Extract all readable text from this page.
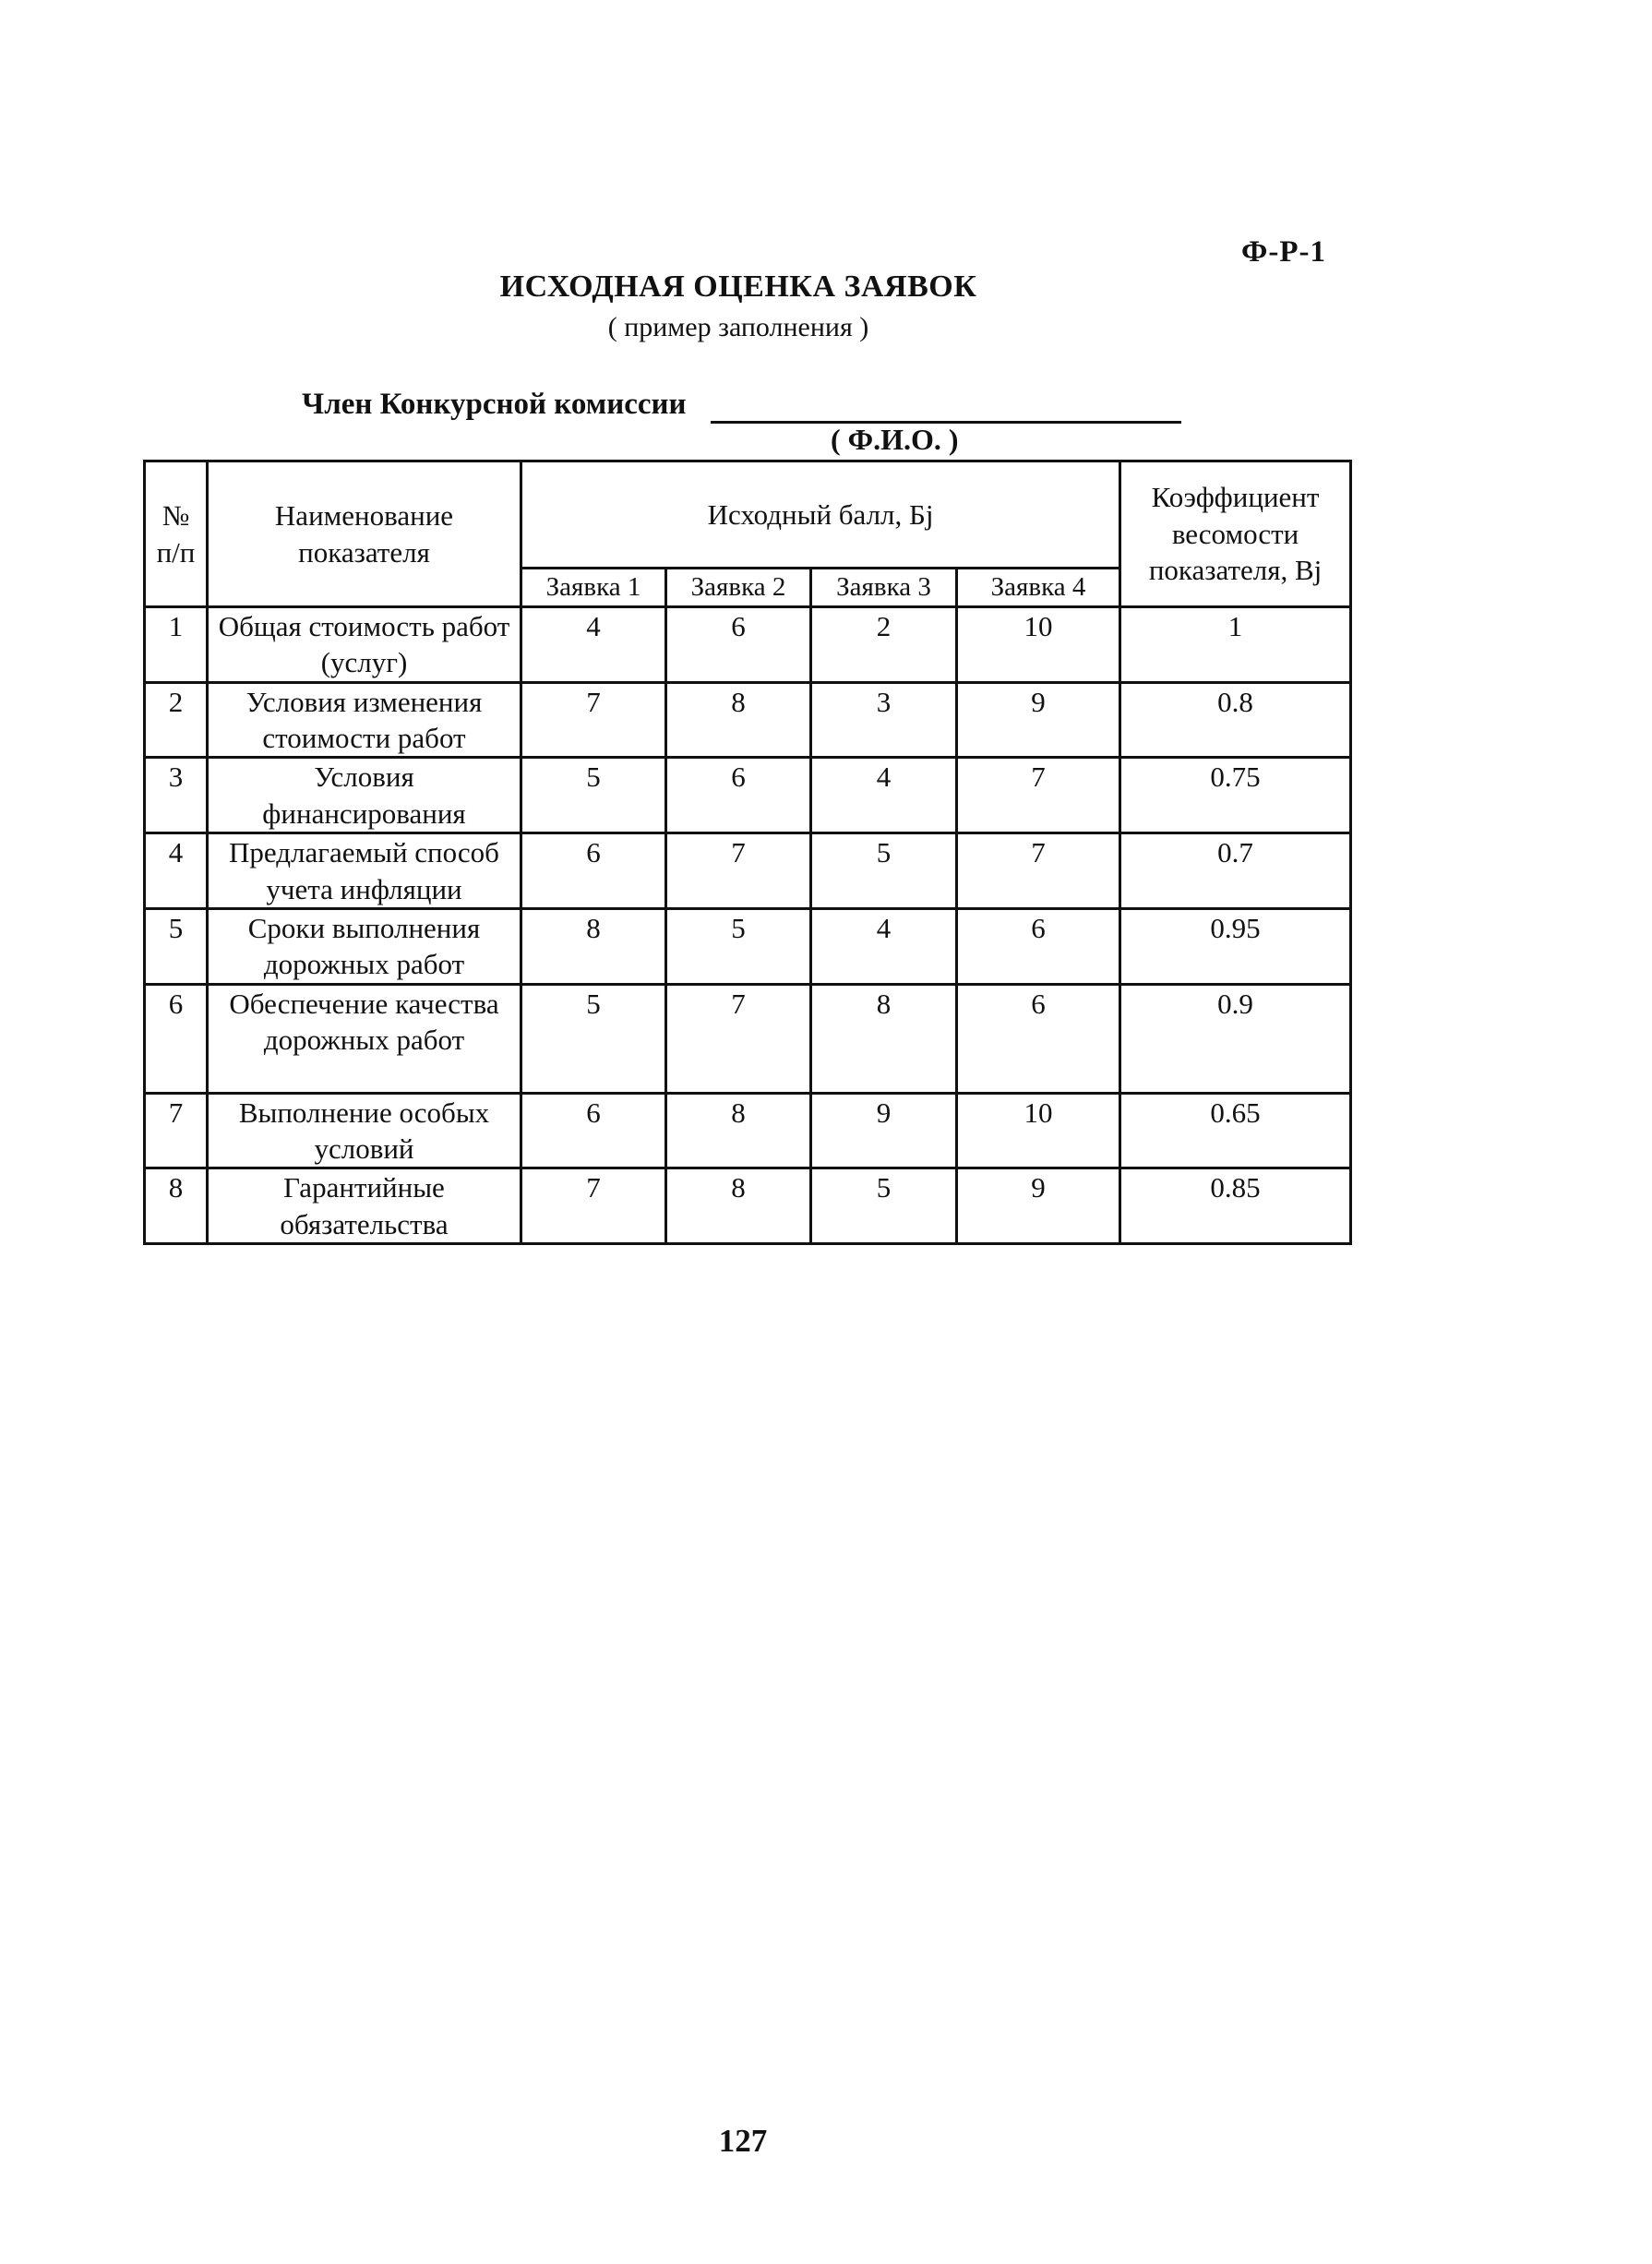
Ф-Р-1
ИСХОДНАЯ ОЦЕНКА ЗАЯВОК
( пример заполнения )
Член Конкурсной комиссии
( Ф.И.О. )
№ п/п	Наименование показателя	Исходный балл, Бj				Коэффициент весомости показателя, Вj
		Заявка 1	Заявка 2	Заявка 3	Заявка 4	
1	Общая стоимость работ (услуг)	4	6	2	10	1
2	Условия изменения стоимости работ	7	8	3	9	0.8
3	Условия финансирования	5	6	4	7	0.75
4	Предлагаемый способ учета инфляции	6	7	5	7	0.7
5	Сроки выполнения дорожных работ	8	5	4	6	0.95
6	Обеспечение качества дорожных работ	5	7	8	6	0.9
7	Выполнение особых условий	6	8	9	10	0.65
8	Гарантийные обязательства	7	8	5	9	0.85
127
